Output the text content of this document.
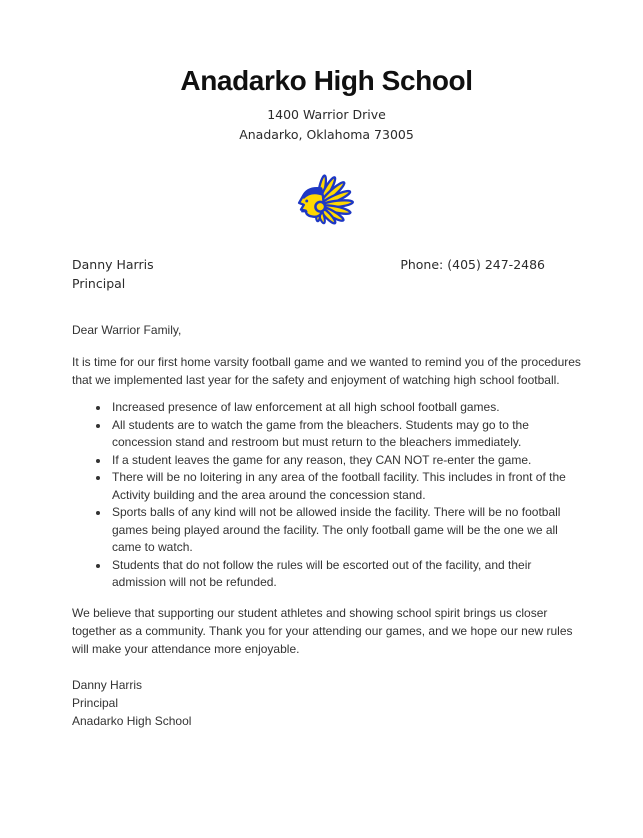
Anadarko High School
1400 Warrior Drive
Anadarko, Oklahoma 73005
Danny Harris
Principal
Phone: (405) 247-2486

Dear Warrior Family,

It is time for our first home varsity football game and we wanted to remind you of the procedures that we implemented last year for the safety and enjoyment of watching high school football.

• Increased presence of law enforcement at all high school football games.
• All students are to watch the game from the bleachers. Students may go to the concession stand and restroom but must return to the bleachers immediately.
• If a student leaves the game for any reason, they CAN NOT re-enter the game.
• There will be no loitering in any area of the football facility. This includes in front of the Activity building and the area around the concession stand.
• Sports balls of any kind will not be allowed inside the facility. There will be no football games being played around the facility. The only football game will be the one we all came to watch.
• Students that do not follow the rules will be escorted out of the facility, and their admission will not be refunded.

We believe that supporting our student athletes and showing school spirit brings us closer together as a community. Thank you for your attending our games, and we hope our new rules will make your attendance more enjoyable.

Danny Harris
Principal
Anadarko High School
